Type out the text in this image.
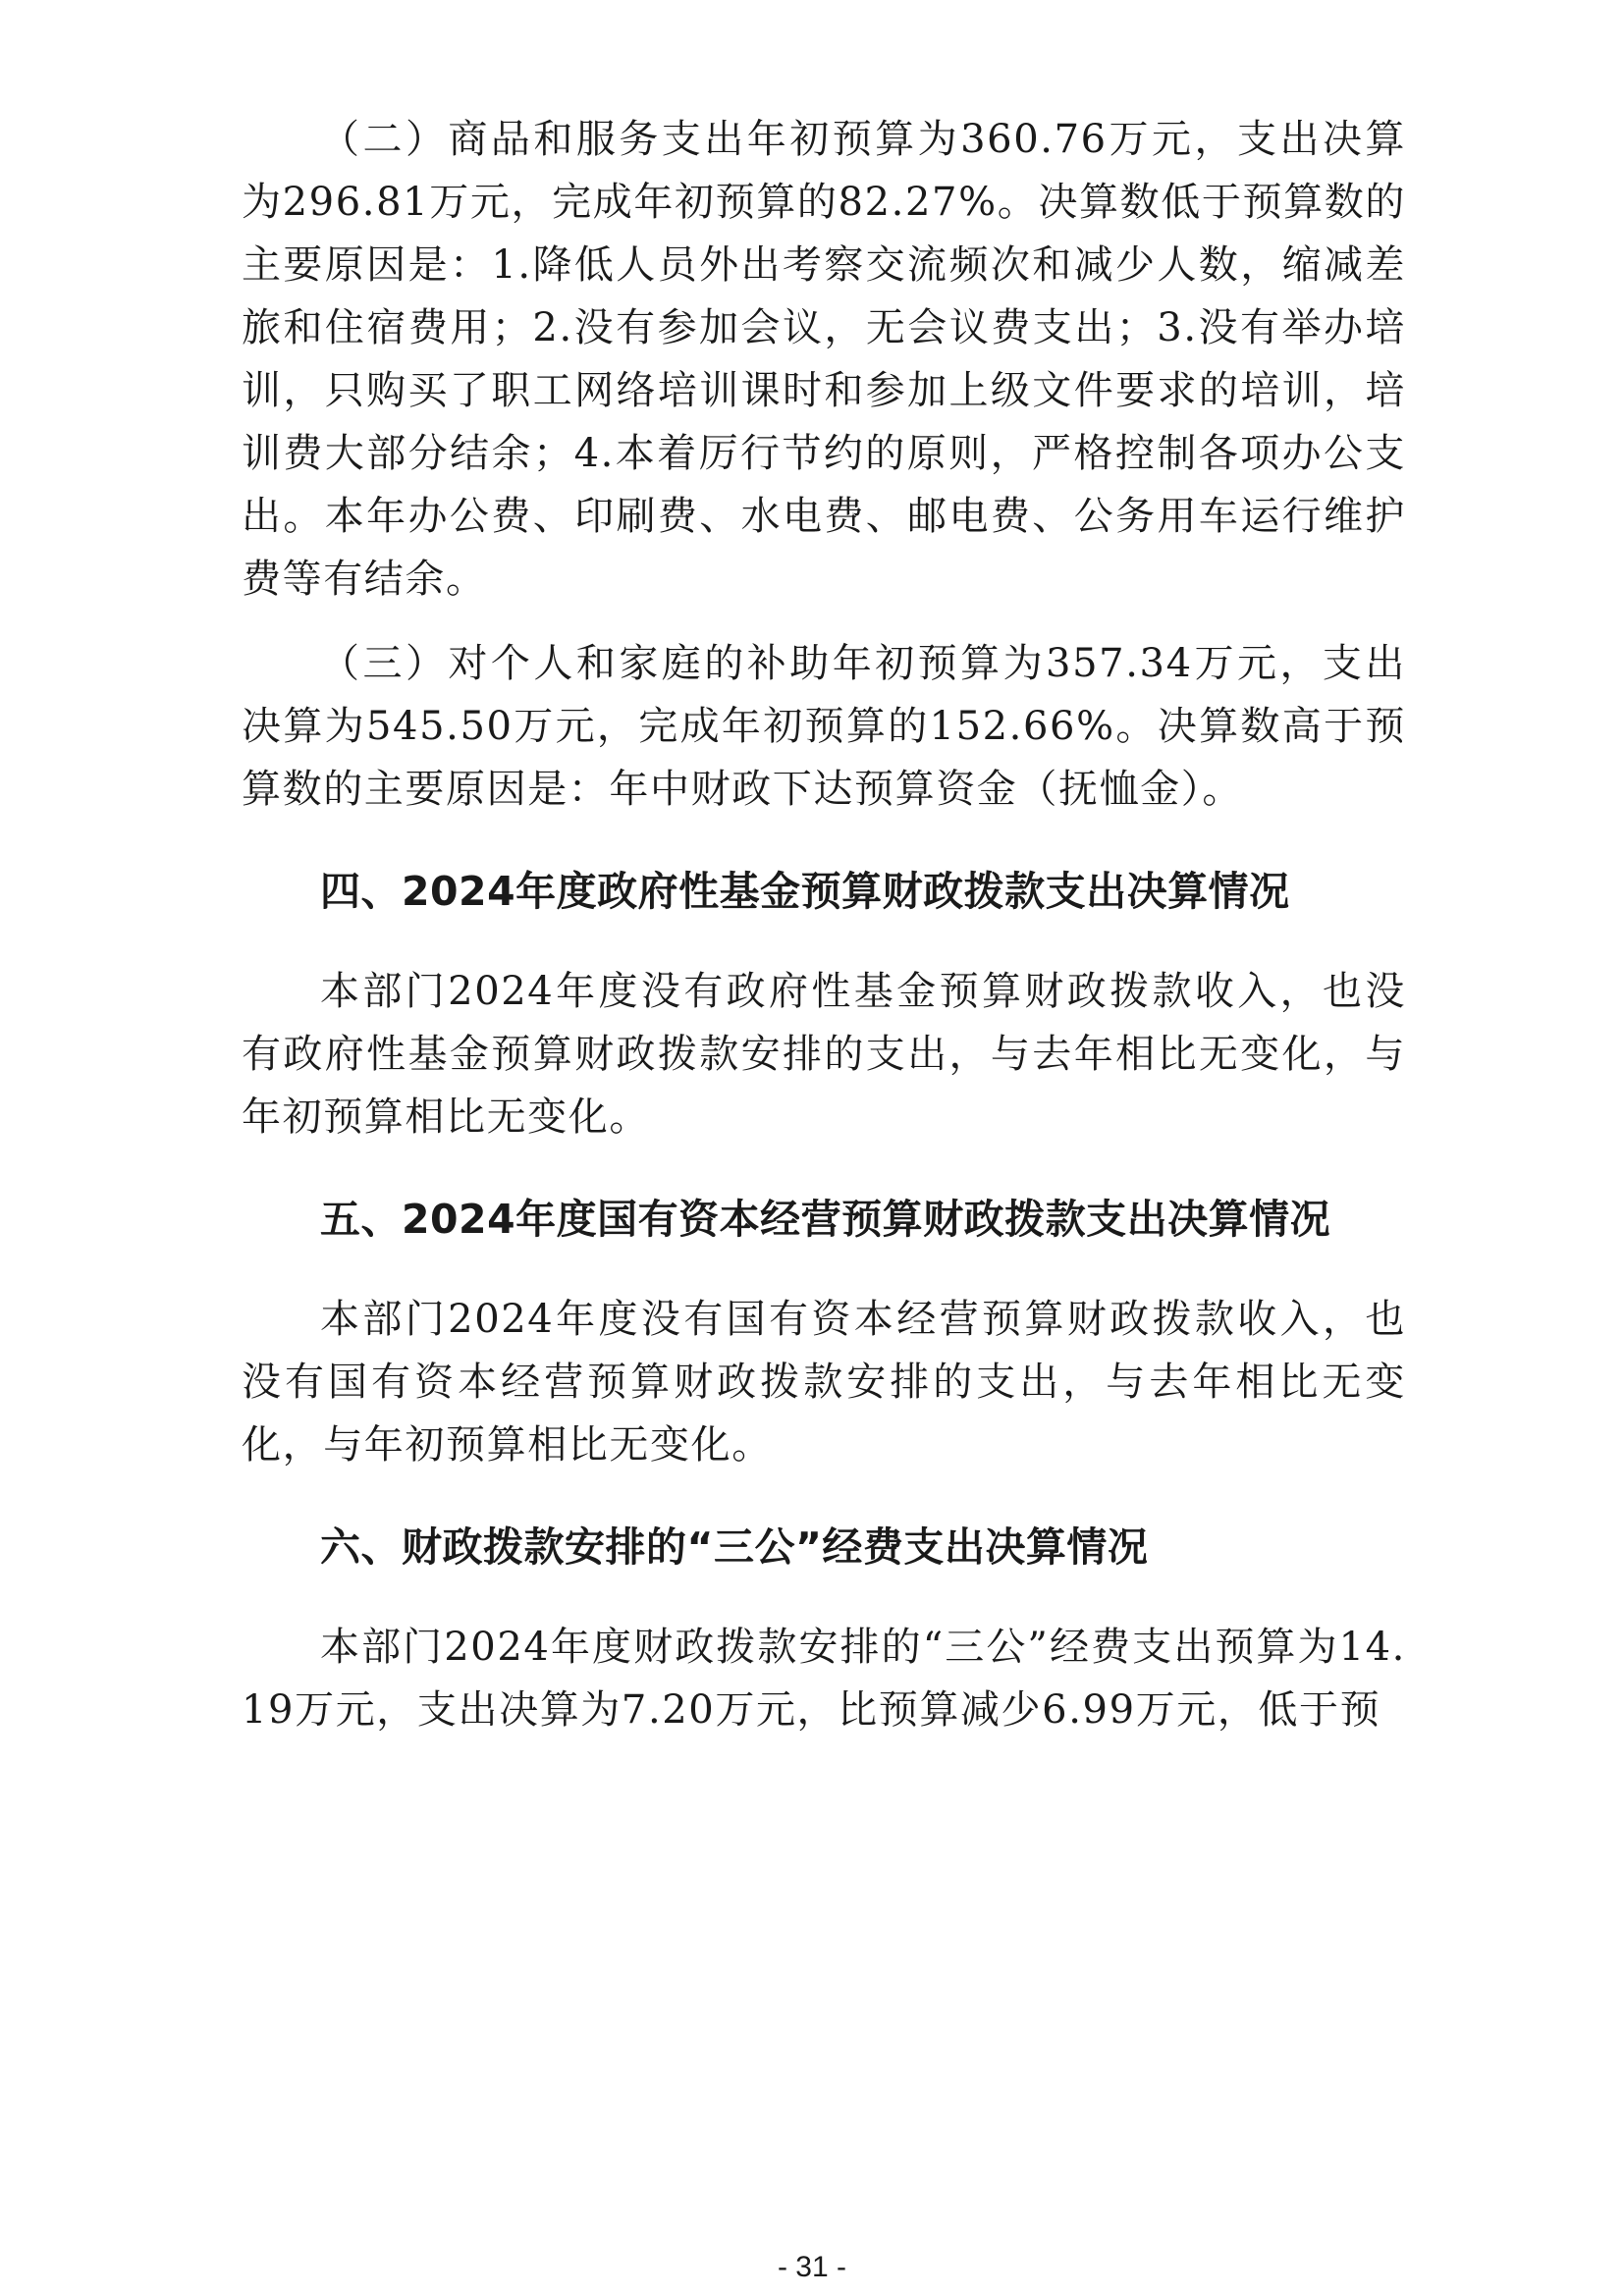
（二）商品和服务支出年初预算为360.76万元，支出决算为296.81万元，完成年初预算的82.27%。决算数低于预算数的主要原因是：1.降低人员外出考察交流频次和减少人数，缩减差旅和住宿费用；2.没有参加会议，无会议费支出；3.没有举办培训，只购买了职工网络培训课时和参加上级文件要求的培训，培训费大部分结余；4.本着厉行节约的原则，严格控制各项办公支出。本年办公费、印刷费、水电费、邮电费、公务用车运行维护费等有结余。

（三）对个人和家庭的补助年初预算为357.34万元，支出决算为545.50万元，完成年初预算的152.66%。决算数高于预算数的主要原因是：年中财政下达预算资金（抚恤金）。

四、2024年度政府性基金预算财政拨款支出决算情况

本部门2024年度没有政府性基金预算财政拨款收入，也没有政府性基金预算财政拨款安排的支出，与去年相比无变化，与年初预算相比无变化。

五、2024年度国有资本经营预算财政拨款支出决算情况

本部门2024年度没有国有资本经营预算财政拨款收入，也没有国有资本经营预算财政拨款安排的支出，与去年相比无变化，与年初预算相比无变化。

六、财政拨款安排的“三公”经费支出决算情况

本部门2024年度财政拨款安排的“三公”经费支出预算为14.19万元，支出决算为7.20万元，比预算减少6.99万元，低于预

- 31 -
